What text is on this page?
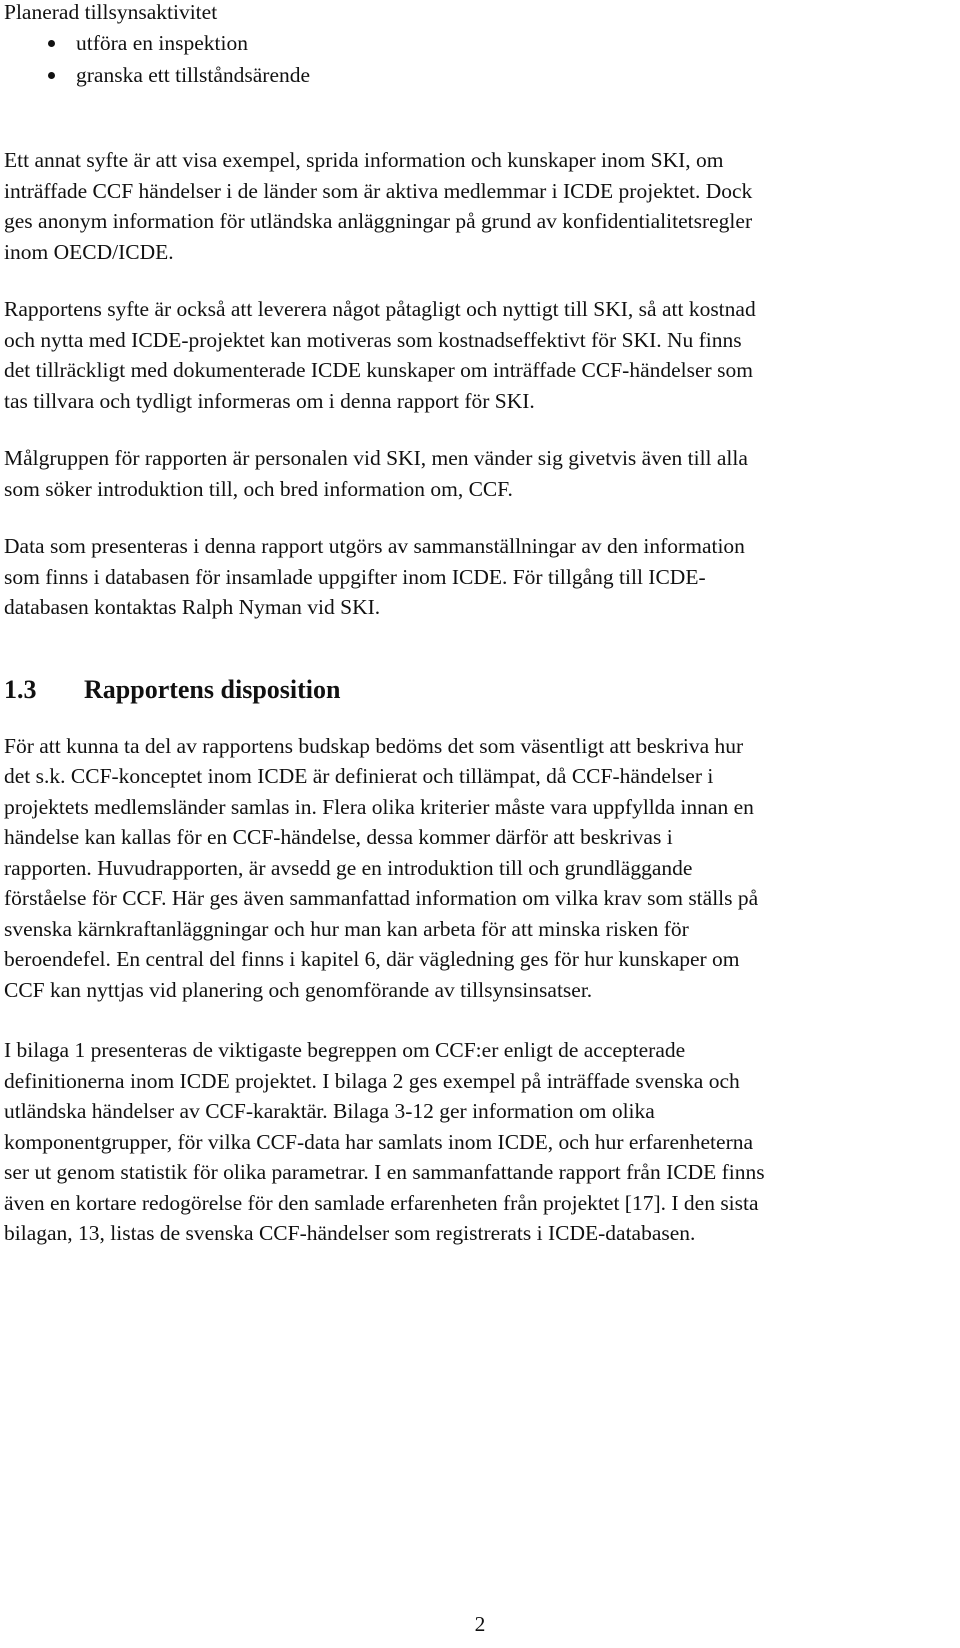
Planerad tillsynsaktivitet

utföra en inspektion
granska ett tillståndsärende

Ett annat syfte är att visa exempel, sprida information och kunskaper inom SKI, om
inträffade CCF händelser i de länder som är aktiva medlemmar i ICDE projektet. Dock
ges anonym information för utländska anläggningar på grund av konfidentialitetsregler
inom OECD/ICDE.

Rapportens syfte är också att leverera något påtagligt och nyttigt till SKI, så att kostnad
och nytta med ICDE-projektet kan motiveras som kostnadseffektivt för SKI. Nu finns
det tillräckligt med dokumenterade ICDE kunskaper om inträffade CCF-händelser som
tas tillvara och tydligt informeras om i denna rapport för SKI.

Målgruppen för rapporten är personalen vid SKI, men vänder sig givetvis även till alla
som söker introduktion till, och bred information om, CCF.

Data som presenteras i denna rapport utgörs av sammanställningar av den information
som finns i databasen för insamlade uppgifter inom ICDE. För tillgång till ICDE-
databasen kontaktas Ralph Nyman vid SKI.

1.3	Rapportens disposition

För att kunna ta del av rapportens budskap bedöms det som väsentligt att beskriva hur
det s.k. CCF-konceptet inom ICDE är definierat och tillämpat, då CCF-händelser i
projektets medlemsländer samlas in. Flera olika kriterier måste vara uppfyllda innan en
händelse kan kallas för en CCF-händelse, dessa kommer därför att beskrivas i
rapporten. Huvudrapporten, är avsedd ge en introduktion till och grundläggande
förståelse för CCF. Här ges även sammanfattad information om vilka krav som ställs på
svenska kärnkraftanläggningar och hur man kan arbeta för att minska risken för
beroendefel. En central del finns i kapitel 6, där vägledning ges för hur kunskaper om
CCF kan nyttjas vid planering och genomförande av tillsynsinsatser.

I bilaga 1 presenteras de viktigaste begreppen om CCF:er enligt de accepterade
definitionerna inom ICDE projektet. I bilaga 2 ges exempel på inträffade svenska och
utländska händelser av CCF-karaktär. Bilaga 3-12 ger information om olika
komponentgrupper, för vilka CCF-data har samlats inom ICDE, och hur erfarenheterna
ser ut genom statistik för olika parametrar. I en sammanfattande rapport från ICDE finns
även en kortare redogörelse för den samlade erfarenheten från projektet [17]. I den sista
bilagan, 13, listas de svenska CCF-händelser som registrerats i ICDE-databasen.

2
